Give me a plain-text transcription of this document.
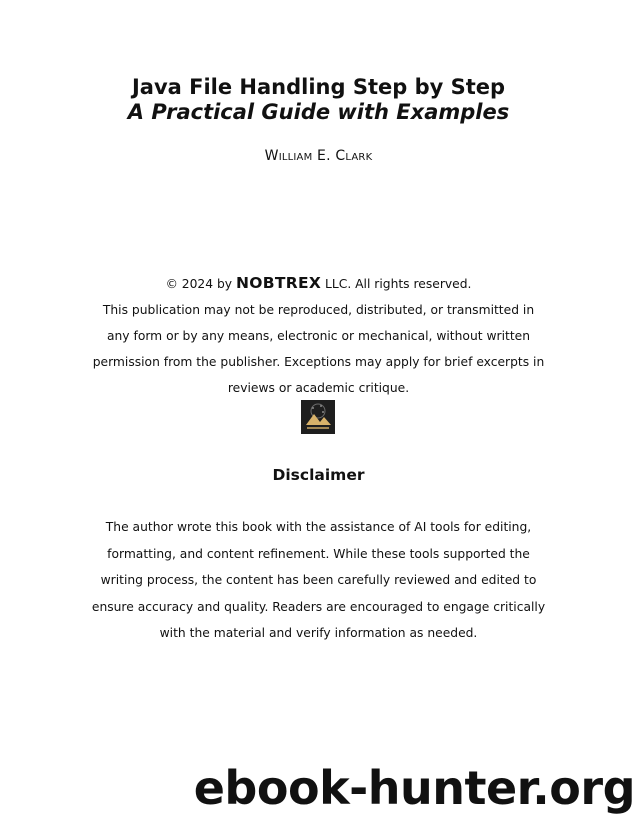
Java File Handling Step by Step
A Practical Guide with Examples
William E. Clark
© 2024 by NOBTREX LLC. All rights reserved.
This publication may not be reproduced, distributed, or transmitted in any form or by any means, electronic or mechanical, without written permission from the publisher. Exceptions may apply for brief excerpts in reviews or academic critique.
Disclaimer
The author wrote this book with the assistance of AI tools for editing, formatting, and content refinement. While these tools supported the writing process, the content has been carefully reviewed and edited to ensure accuracy and quality. Readers are encouraged to engage critically with the material and verify information as needed.
ebook-hunter.org
